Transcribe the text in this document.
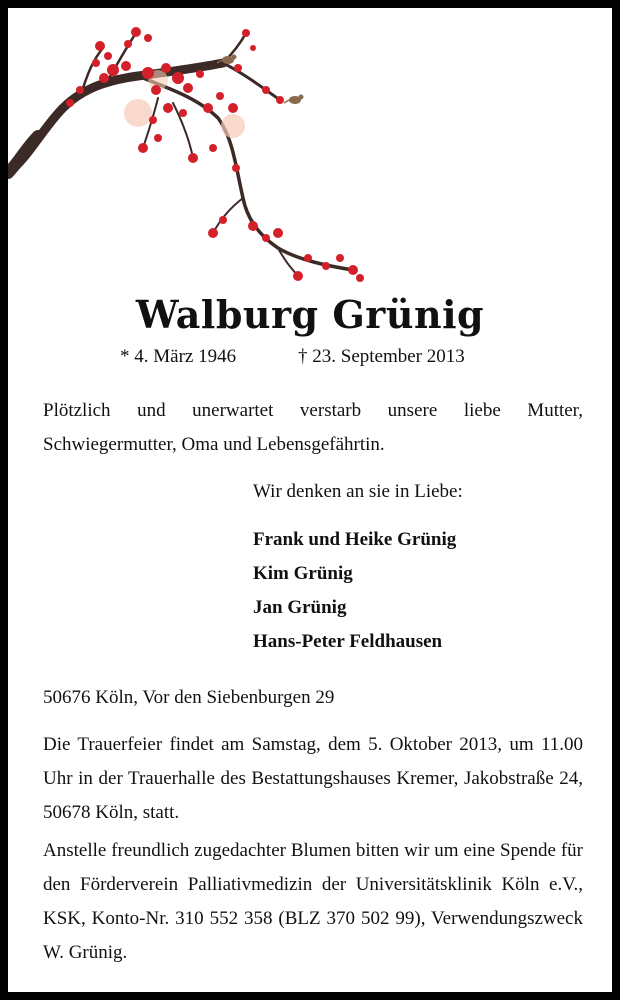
Walburg Grünig
* 4. März 1946	† 23. September 2013

Plötzlich und unerwartet verstarb unsere liebe Mutter, Schwiegermutter, Oma und Lebensgefährtin.

Wir denken an sie in Liebe:
Frank und Heike Grünig
Kim Grünig
Jan Grünig
Hans-Peter Feldhausen
50676 Köln, Vor den Siebenburgen 29

Die Trauerfeier findet am Samstag, dem 5. Oktober 2013, um 11.00 Uhr in der Trauerhalle des Bestattungshauses Kremer, Jakobstraße 24, 50678 Köln, statt.

Anstelle freundlich zugedachter Blumen bitten wir um eine Spende für den Förderverein Palliativmedizin der Universitätsklinik Köln e.V., KSK, Konto-Nr. 310 552 358 (BLZ 370 502 99), Verwendungszweck W. Grünig.
